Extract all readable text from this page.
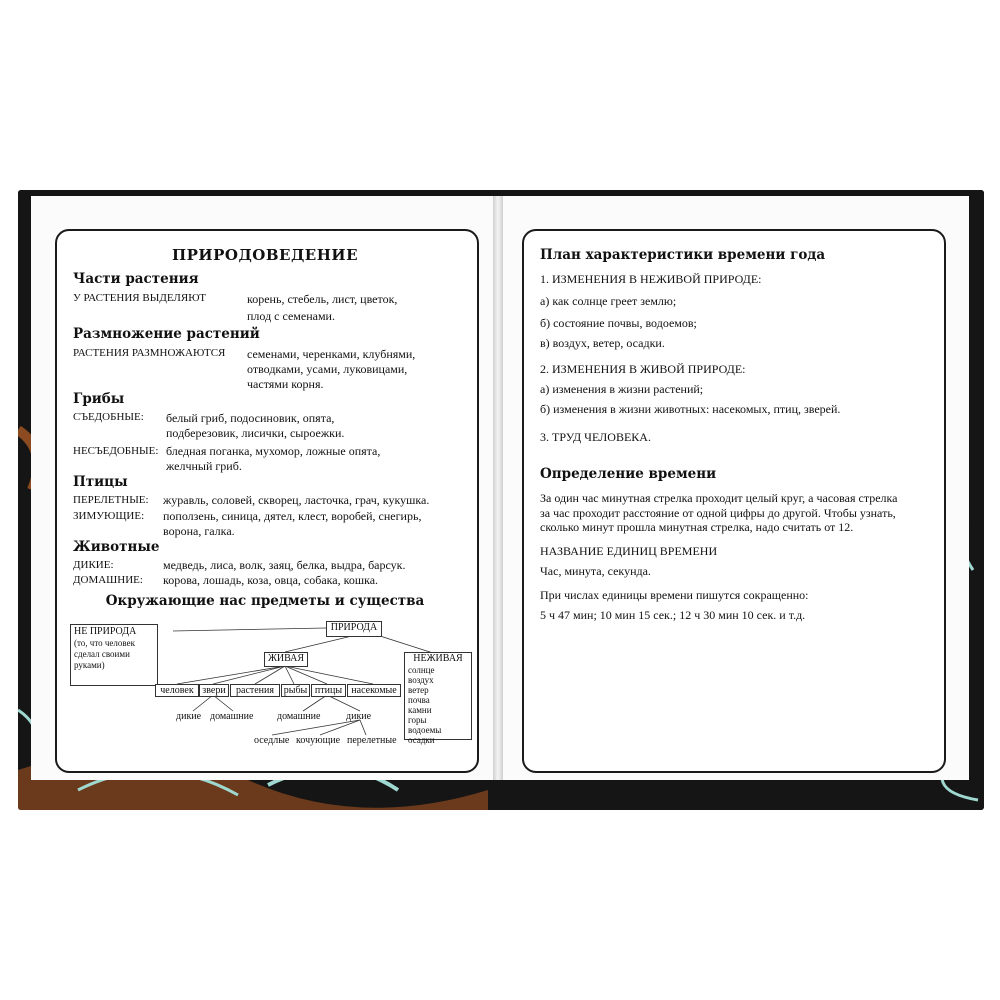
ПРИРОДОВЕДЕНИЕ
Части растения
У РАСТЕНИЯ ВЫДЕЛЯЮТ	корень, стебель, лист, цветок,
плод с семенами.
Размножение растений
РАСТЕНИЯ РАЗМНОЖАЮТСЯ семенами, черенками, клубнями,
отводками, усами, луковицами,
частями корня.
Грибы
СЪЕДОБНЫЕ: белый гриб, подосиновик, опята,
подберезовик, лисички, сыроежки.
НЕСЪЕДОБНЫЕ: бледная поганка, мухомор, ложные опята,
желчный гриб.
Птицы
ПЕРЕЛЕТНЫЕ: журавль, соловей, скворец, ласточка, грач, кукушка.
ЗИМУЮЩИЕ: поползень, синица, дятел, клест, воробей, снегирь,
ворона, галка.
Животные
ДИКИЕ:	медведь, лиса, волк, заяц, белка, выдра, барсук.
ДОМАШНИЕ: корова, лошадь, коза, овца, собака, кошка.
Окружающие нас предметы и существа
ПРИРОДА
НЕ ПРИРОДА
(то, что человек
сделал своими
руками)
ЖИВАЯ	НЕЖИВАЯ
солнце
воздух
ветер
почва
камни
горы
водоемы
осадки
человек звери	растения рыбы птицы насекомые
дикие домашние домашние	дикие
оседлые кочующие перелетные
План характеристики времени года
1. ИЗМЕНЕНИЯ В НЕЖИВОЙ ПРИРОДЕ:
а) как солнце греет землю;
б) состояние почвы, водоемов;
в) воздух, ветер, осадки.
2. ИЗМЕНЕНИЯ В ЖИВОЙ ПРИРОДЕ:
а) изменения в жизни растений;
б) изменения в жизни животных: насекомых, птиц, зверей.
3. ТРУД ЧЕЛОВЕКА.
Определение времени
За один час минутная стрелка проходит целый круг, а часовая стрелка
за час проходит расстояние от одной цифры до другой. Чтобы узнать,
сколько минут прошла минутная стрелка, надо считать от 12.
НАЗВАНИЕ ЕДИНИЦ ВРЕМЕНИ
Час, минута, секунда.
При числах единицы времени пишутся сокращенно:
5 ч 47 мин; 10 мин 15 сек.; 12 ч 30 мин 10 сек. и т.д.
